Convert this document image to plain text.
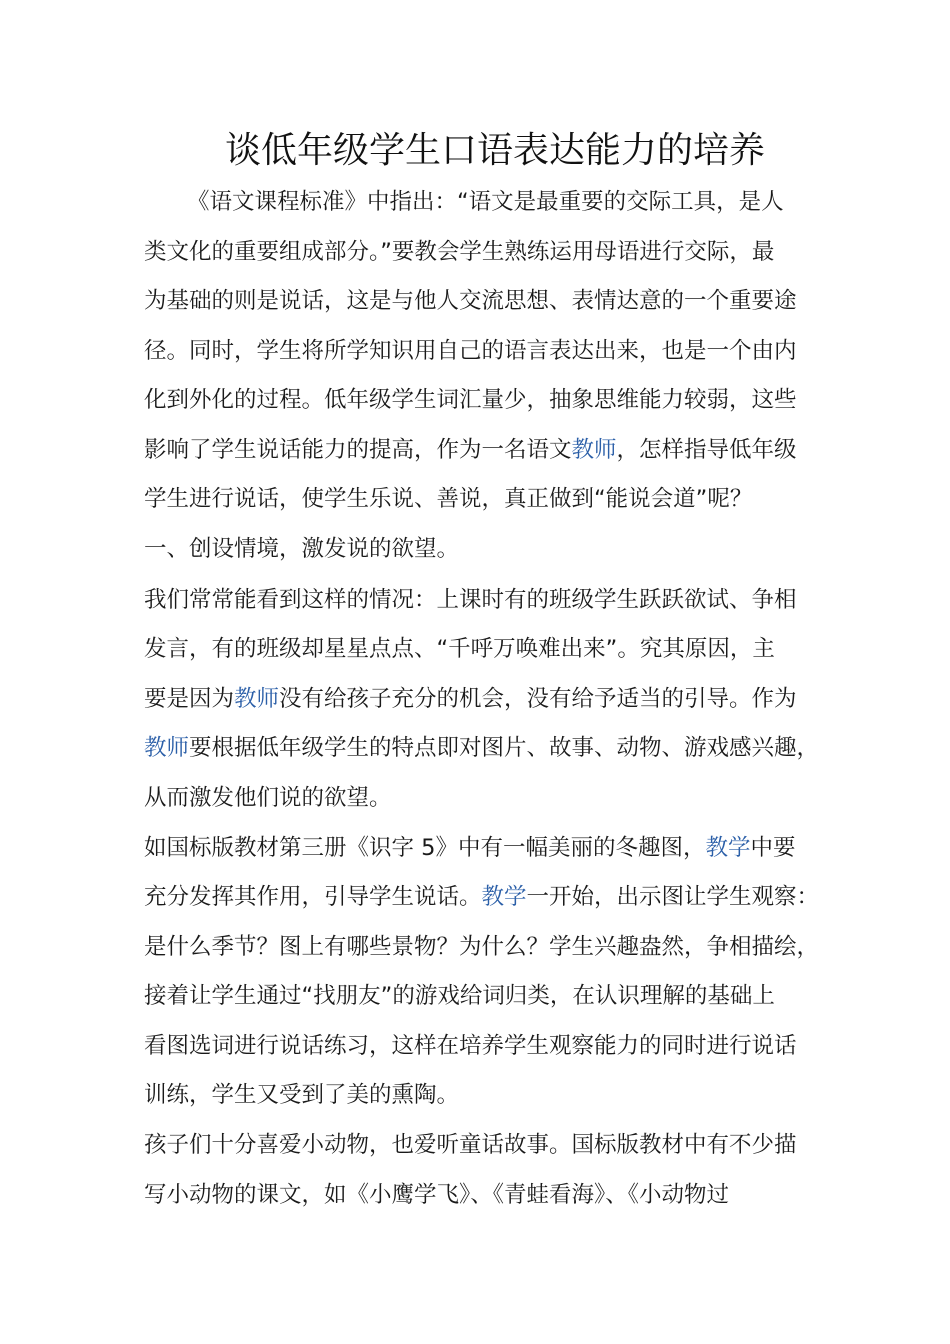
谈低年级学生口语表达能力的培养
《语文课程标准》中指出：“语文是最重要的交际工具，是人
类文化的重要组成部分。”要教会学生熟练运用母语进行交际，最
为基础的则是说话，这是与他人交流思想、表情达意的一个重要途
径。同时，学生将所学知识用自己的语言表达出来，也是一个由内
化到外化的过程。低年级学生词汇量少，抽象思维能力较弱，这些
影响了学生说话能力的提高，作为一名语文教师，怎样指导低年级
学生进行说话，使学生乐说、善说，真正做到“能说会道”呢？
一、创设情境，激发说的欲望。
我们常常能看到这样的情况：上课时有的班级学生跃跃欲试、争相
发言，有的班级却星星点点、“千呼万唤难出来”。究其原因，主
要是因为教师没有给孩子充分的机会，没有给予适当的引导。作为
教师要根据低年级学生的特点即对图片、故事、动物、游戏感兴趣，
从而激发他们说的欲望。
如国标版教材第三册《识字 5》中有一幅美丽的冬趣图，教学中要
充分发挥其作用，引导学生说话。教学一开始，出示图让学生观察：
是什么季节？图上有哪些景物？为什么？学生兴趣盎然，争相描绘，
接着让学生通过“找朋友”的游戏给词归类，在认识理解的基础上
看图选词进行说话练习，这样在培养学生观察能力的同时进行说话
训练，学生又受到了美的熏陶。
孩子们十分喜爱小动物，也爱听童话故事。国标版教材中有不少描
写小动物的课文，如《小鹰学飞》、《青蛙看海》、《小动物过
